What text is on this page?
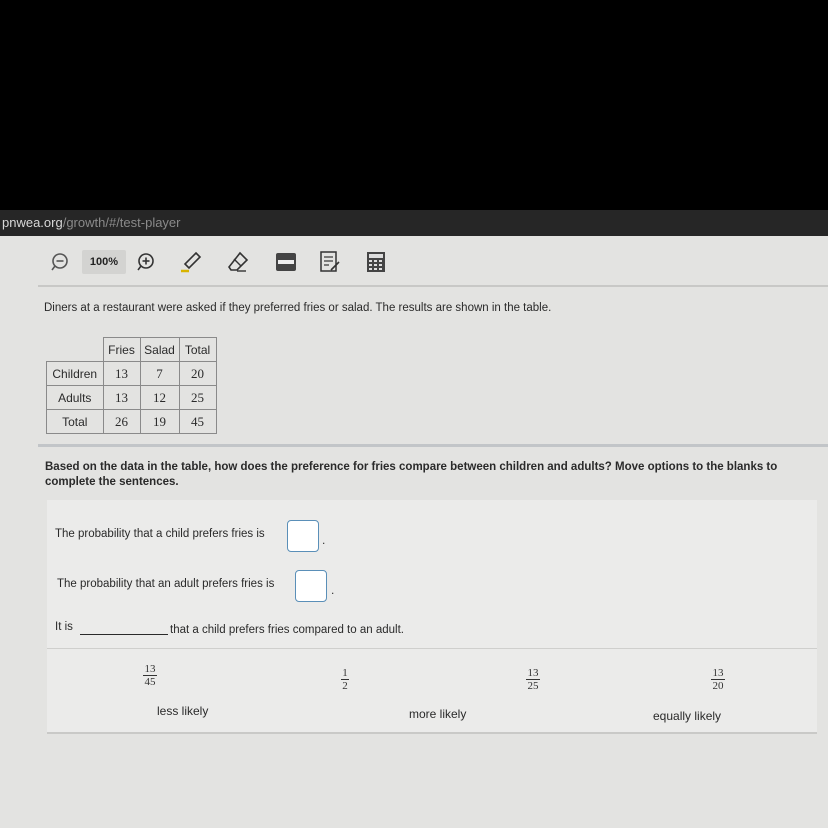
pnwea.org/growth/#/test-player
100%
Diners at a restaurant were asked if they preferred fries or salad. The results are shown in the table.
	Fries	Salad	Total
Children	13	7	20
Adults	13	12	25
Total	26	19	45
Based on the data in the table, how does the preference for fries compare between children and adults? Move options to the blanks to complete the sentences.
The probability that a child prefers fries is	.
The probability that an adult prefers fries is	.
It is	that a child prefers fries compared to an adult.
13
45
1
2
13
25
13
20
less likely	more likely	equally likely
